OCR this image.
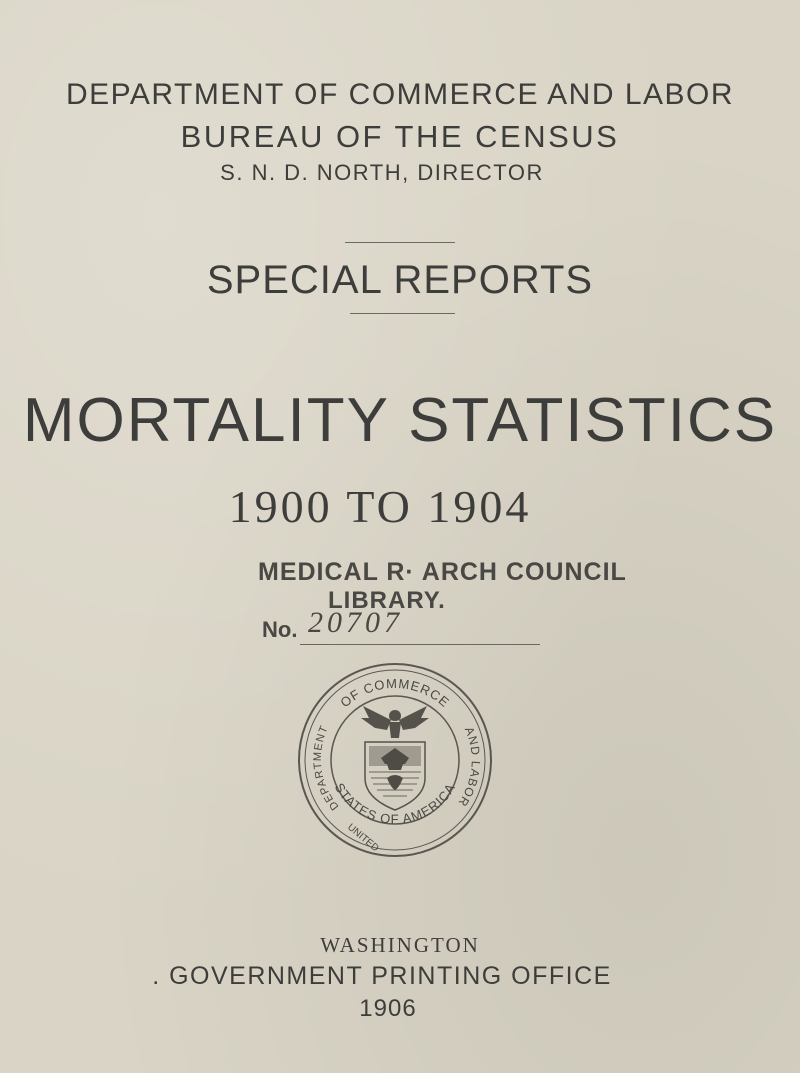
DEPARTMENT OF COMMERCE AND LABOR
BUREAU OF THE CENSUS
S. N. D. NORTH, DIRECTOR
SPECIAL REPORTS
MORTALITY STATISTICS
1900 TO 1904
MEDICAL R· ARCH COUNCIL
LIBRARY.
No. 20707
OF COMMERCE
AND LABOR
STATES OF AMERICA
DEPARTMENT
UNITED
WASHINGTON
. GOVERNMENT PRINTING OFFICE
1906
